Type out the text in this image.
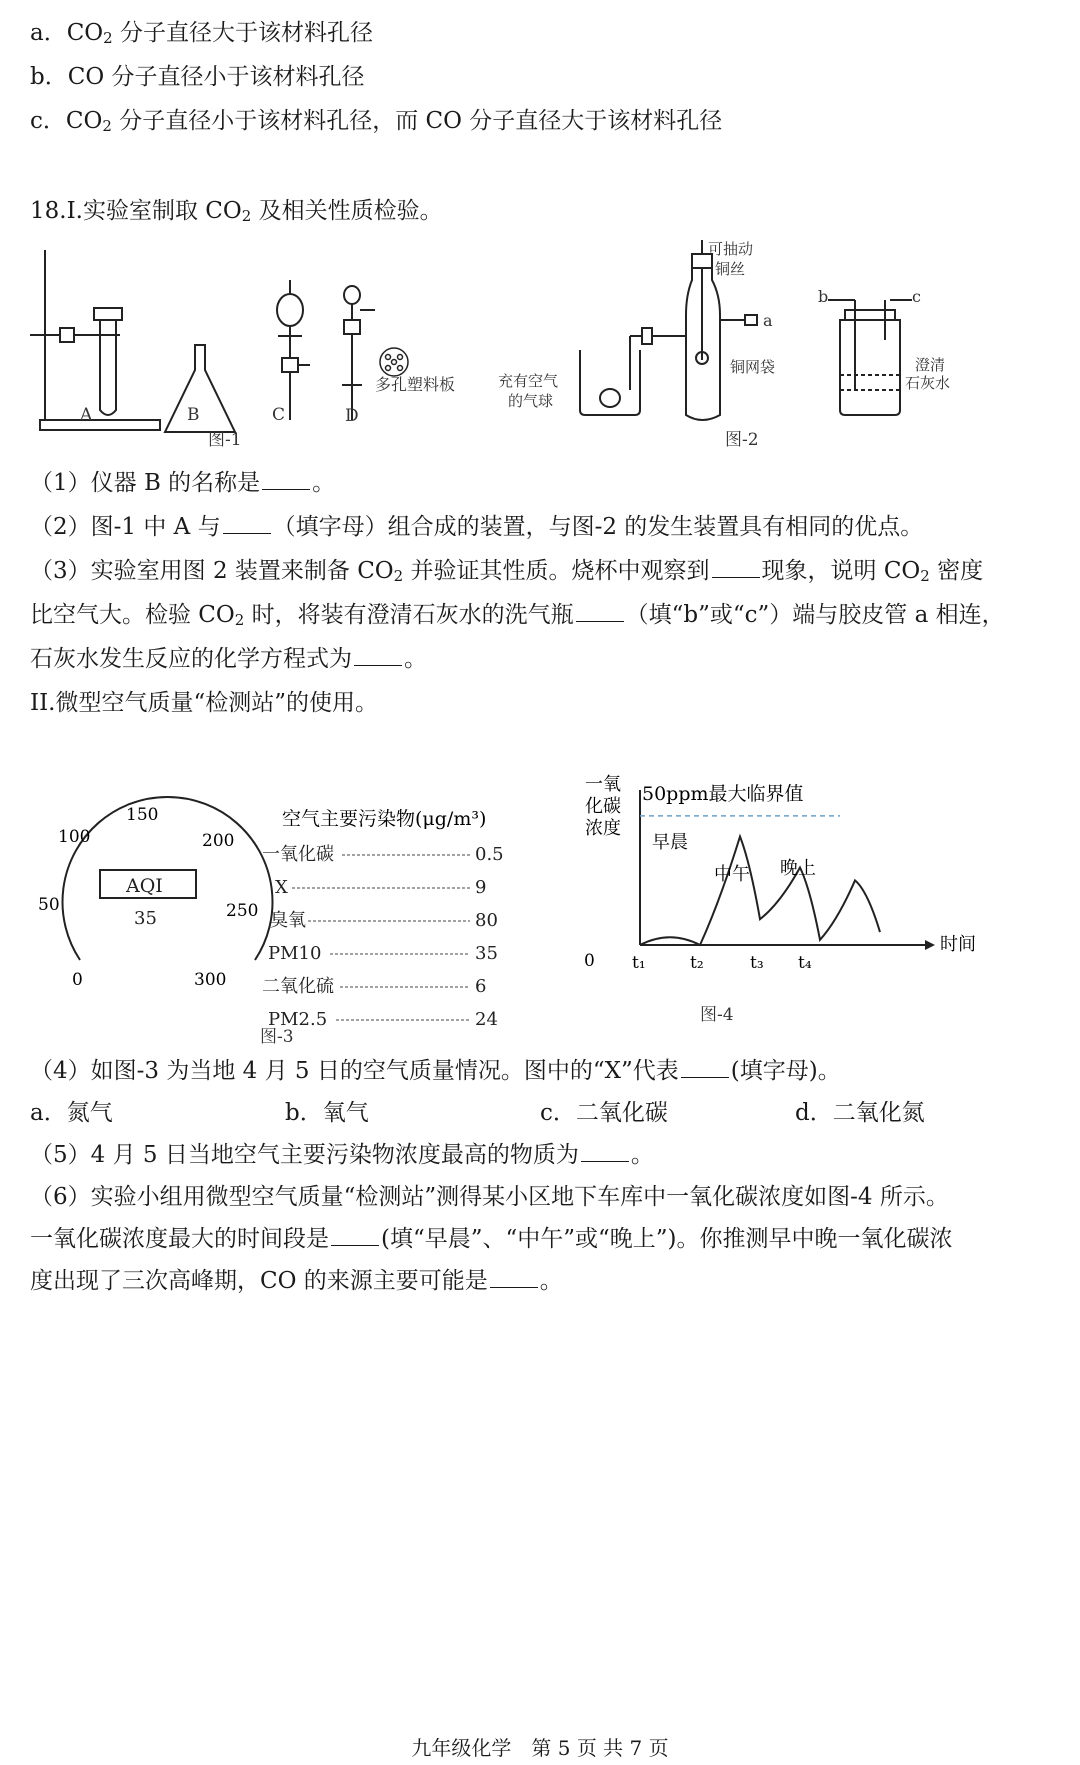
a．$CO_2$ 分子直径大于该材料孔径
b．CO 分子直径小于该材料孔径
c．$CO_2$ 分子直径小于该材料孔径，而 CO 分子直径大于该材料孔径
18.I.实验室制取 $CO_2$ 及相关性质检验。
A	B	C	D
多孔塑料板
图-1
可抽动
铜丝
a
铜网袋
充有空气
的气球
b	c
澄清
石灰水
图-2
（1）仪器 B 的名称是 。
（2）图-1 中 A 与 （填字母）组合成的装置，与图-2 的发生装置具有相同的优点。
（3）实验室用图 2 装置来制备 $CO_2$ 并验证其性质。烧杯中观察到 现象，说明 $CO_2$ 密度
比空气大。检验 $CO_2$ 时，将装有澄清石灰水的洗气瓶 （填“b”或“c”）端与胶皮管 a 相连，
石灰水发生反应的化学方程式为 。
II.微型空气质量“检测站”的使用。
AQI
35
0
50
100
150
200
250
300
空气主要污染物(μg/m³)
一氧化碳	0.5
X	9
臭氧	80
PM10	35
二氧化硫	6
PM2.5	24
图-3
一氧
化碳
浓度
50ppm最大临界值
早晨
中午 晚上
0 t₁	t₂	t₃ t₄
时间
图-4
（4）如图-3 为当地 4 月 5 日的空气质量情况。图中的“X”代表 (填字母)。
a．氮气	b．氧气	c．二氧化碳	d．二氧化氮
（5）4 月 5 日当地空气主要污染物浓度最高的物质为 。
（6）实验小组用微型空气质量“检测站”测得某小区地下车库中一氧化碳浓度如图-4 所示。
一氧化碳浓度最大的时间段是 (填“早晨”、“中午”或“晚上”)。你推测早中晚一氧化碳浓
度出现了三次高峰期，CO 的来源主要可能是 。
九年级化学　第 5 页 共 7 页
